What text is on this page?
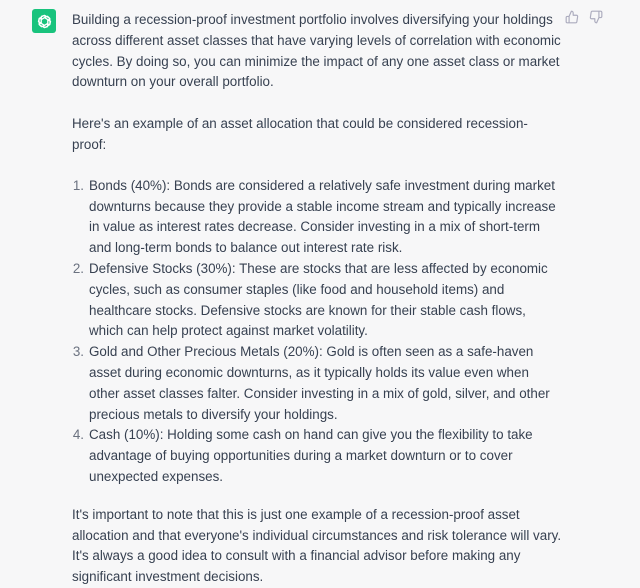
Building a recession-proof investment portfolio involves diversifying your holdings across different asset classes that have varying levels of correlation with economic cycles. By doing so, you can minimize the impact of any one asset class or market downturn on your overall portfolio.

Here's an example of an asset allocation that could be considered recession-proof:

1. Bonds (40%): Bonds are considered a relatively safe investment during market downturns because they provide a stable income stream and typically increase in value as interest rates decrease. Consider investing in a mix of short-term and long-term bonds to balance out interest rate risk.
2. Defensive Stocks (30%): These are stocks that are less affected by economic cycles, such as consumer staples (like food and household items) and healthcare stocks. Defensive stocks are known for their stable cash flows, which can help protect against market volatility.
3. Gold and Other Precious Metals (20%): Gold is often seen as a safe-haven asset during economic downturns, as it typically holds its value even when other asset classes falter. Consider investing in a mix of gold, silver, and other precious metals to diversify your holdings.
4. Cash (10%): Holding some cash on hand can give you the flexibility to take advantage of buying opportunities during a market downturn or to cover unexpected expenses.

It's important to note that this is just one example of a recession-proof asset allocation and that everyone's individual circumstances and risk tolerance will vary. It's always a good idea to consult with a financial advisor before making any significant investment decisions.
